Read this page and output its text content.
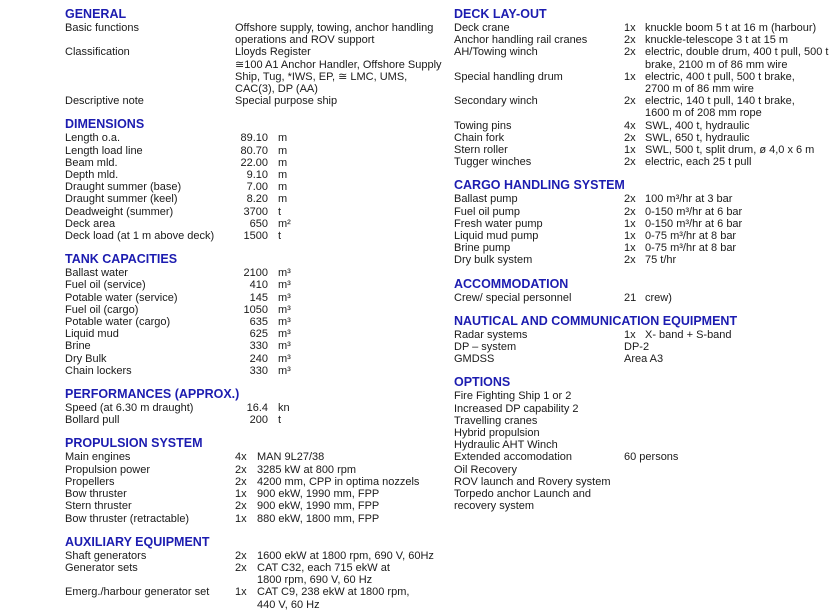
GENERAL
Basic functions	Offshore supply, towing, anchor handling
operations and ROV support
Classification	Lloyds Register
≅100 A1 Anchor Handler, Offshore Supply
Ship, Tug, *IWS, EP, ≅ LMC, UMS,
CAC(3), DP (AA)
Descriptive note	Special purpose ship
DIMENSIONS
Length o.a.	89.10 m
Length load line	80.70 m
Beam mld.	22.00 m
Depth mld.	9.10 m
Draught summer (base)	7.00 m
Draught summer (keel)	8.20 m
Deadweight (summer)	3700 t
Deck area	650 m²
Deck load (at 1 m above deck)	1500 t
TANK CAPACITIES
Ballast water	2100 m³
Fuel oil (service)	410 m³
Potable water (service)	145 m³
Fuel oil (cargo)	1050 m³
Potable water (cargo)	635 m³
Liquid mud	625 m³
Brine	330 m³
Dry Bulk	240 m³
Chain lockers	330 m³
PERFORMANCES (APPROX.)
Speed (at 6.30 m draught)	16.4 kn
Bollard pull	200 t
PROPULSION SYSTEM
Main engines	4x MAN 9L27/38
Propulsion power	2x 3285 kW at 800 rpm
Propellers	2x 4200 mm, CPP in optima nozzels
Bow thruster	1x 900 ekW, 1990 mm, FPP
Stern thruster	2x 900 ekW, 1990 mm, FPP
Bow thruster (retractable)	1x 880 ekW, 1800 mm, FPP
AUXILIARY EQUIPMENT
Shaft generators	2x 1600 ekW at 1800 rpm, 690 V, 60Hz
Generator sets	2x CAT C32, each 715 ekW at
1800 rpm, 690 V, 60 Hz
Emerg./harbour generator set	1x CAT C9, 238 ekW at 1800 rpm,
440 V, 60 Hz
DECK LAY-OUT
Deck crane	1x knuckle boom 5 t at 16 m (harbour)
Anchor handling rail cranes	2x knuckle-telescope 3 t at 15 m
AH/Towing winch	2x electric, double drum, 400 t pull, 500 t
brake, 2100 m of 86 mm wire
Special handling drum	1x electric, 400 t pull, 500 t brake,
2700 m of 86 mm wire
Secondary winch	2x electric, 140 t pull, 140 t brake,
1600 m of 208 mm rope
Towing pins	4x SWL, 400 t, hydraulic
Chain fork	2x SWL, 650 t, hydraulic
Stern roller	1x SWL, 500 t, split drum, ø 4,0 x 6 m
Tugger winches	2x electric, each 25 t pull
CARGO HANDLING SYSTEM
Ballast pump	2x 100 m³/hr at 3 bar
Fuel oil pump	2x 0-150 m³/hr at 6 bar
Fresh water pump	1x 0-150 m³/hr at 6 bar
Liquid mud pump	1x 0-75 m³/hr at 8 bar
Brine pump	1x 0-75 m³/hr at 8 bar
Dry bulk system	2x 75 t/hr
ACCOMMODATION
Crew/ special personnel	21 crew)
NAUTICAL AND COMMUNICATION EQUIPMENT
Radar systems	1x X- band + S-band
DP – system	DP-2
GMDSS	Area A3
OPTIONS
Fire Fighting Ship 1 or 2
Increased DP capability 2
Travelling cranes
Hybrid propulsion
Hydraulic AHT Winch
Extended accomodation	60 persons
Oil Recovery
ROV launch and Rovery system
Torpedo anchor Launch and
recovery system
